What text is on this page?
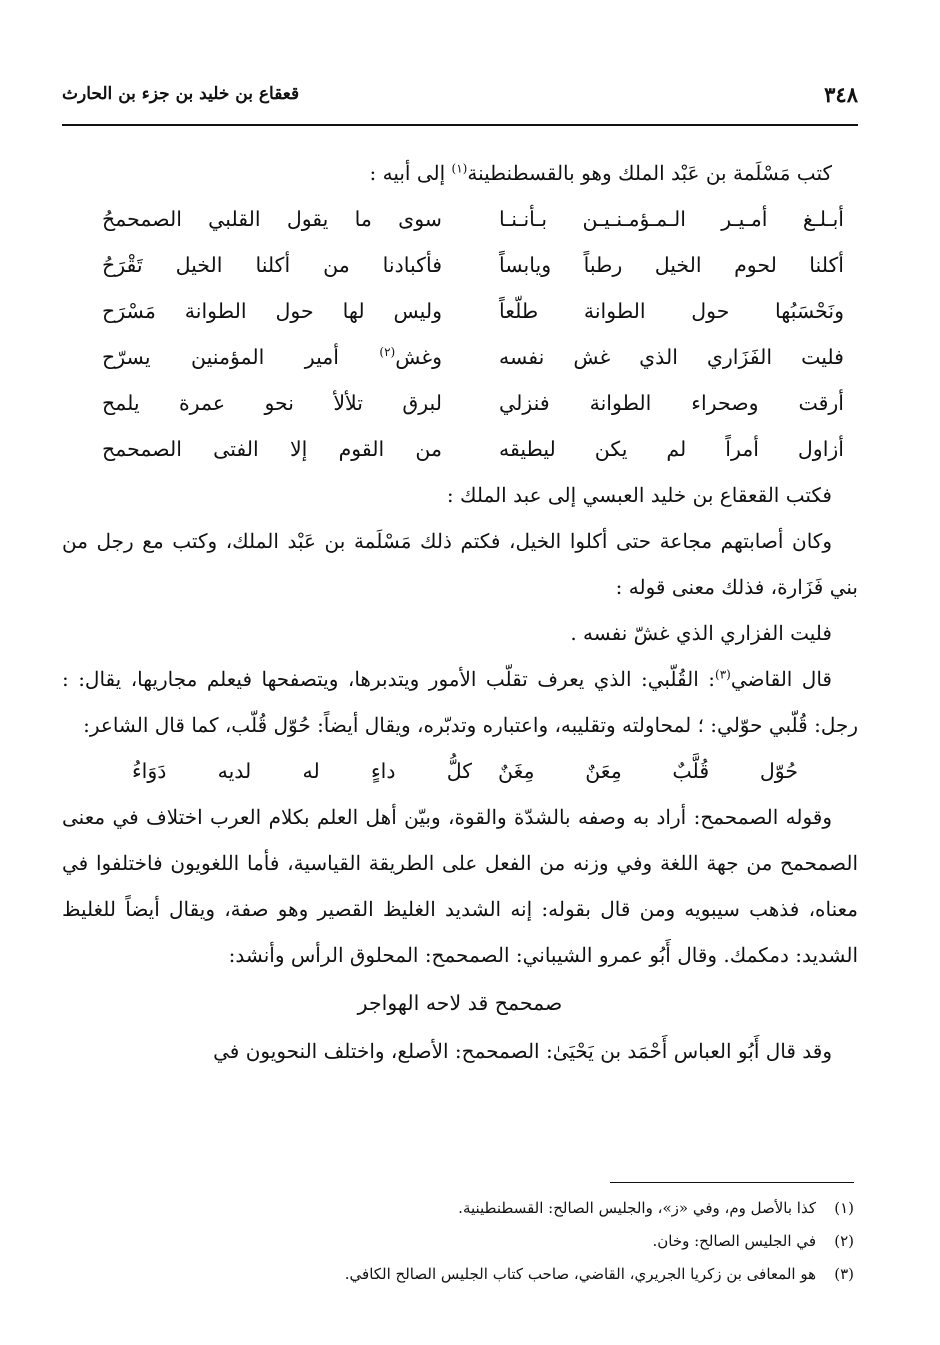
٣٤٨
قعقاع بن خليد بن جزء بن الحارث

كتب مَسْلَمة بن عَبْد الملك وهو بالقسطنطينة$^{(١)}$ إلى أبيه :

أبـلـغ أمـيـر الـمـؤمـنـيـن بـأنـنـا
سوى ما يقول القلبي الصمحمحُ
أكلنا لحوم الخيل رطباً ويابساً
فأكبادنا من أكلنا الخيل تَقْرَحُ
ونَحْسَبُها حول الطوانة طلّعاً
وليس لها حول الطوانة مَسْرَح
فليت الفَزَاري الذي غش نفسه
وغش$^{(٢)}$ أمير المؤمنين يسرّح
أرقت وصحراء الطوانة فنزلي
لبرق تلألأ نحو عمرة يلمح
أزاول أمراً لم يكن ليطيقه
من القوم إلا الفتى الصمحمح

فكتب القعقاع بن خليد العبسي إلى عبد الملك :

وكان أصابتهم مجاعة حتى أكلوا الخيل، فكتم ذلك مَسْلَمة بن عَبْد الملك، وكتب مع رجل من بني فَزَارة، فذلك معنى قوله :

فليت الفزاري الذي غشّ نفسه .

قال القاضي$^{(٣)}$: القُلّبي: الذي يعرف تقلّب الأمور ويتدبرها، ويتصفحها فيعلم مجاريها، يقال: : رجل: قُلّبي حوّلي: ؛ لمحاولته وتقليبه، واعتباره وتدبّره، ويقال أيضاً: حُوّل قُلّب، كما قال الشاعر:

حُوّل قُلَّبٌ مِعَنٌ مِغَنٌ
كلُّ داءٍ له لديه دَوَاءُ

وقوله الصمحمح: أراد به وصفه بالشدّة والقوة، وبيّن أهل العلم بكلام العرب اختلاف في معنى الصمحمح من جهة اللغة وفي وزنه من الفعل على الطريقة القياسية، فأما اللغويون فاختلفوا في معناه، فذهب سيبويه ومن قال بقوله: إنه الشديد الغليظ القصير وهو صفة، ويقال أيضاً للغليظ الشديد: دمكمك. وقال أَبُو عمرو الشيباني: الصمحمح: المحلوق الرأس وأنشد:

صمحمح قد لاحه الهواجر

وقد قال أَبُو العباس أَحْمَد بن يَحْيَىٰ: الصمحمح: الأصلع، واختلف النحويون في

(١)كذا بالأصل وم، وفي «ز»، والجليس الصالح: القسطنطينية.

(٢)في الجليس الصالح: وخان.

(٣)هو المعافى بن زكريا الجريري، القاضي، صاحب كتاب الجليس الصالح الكافي.
